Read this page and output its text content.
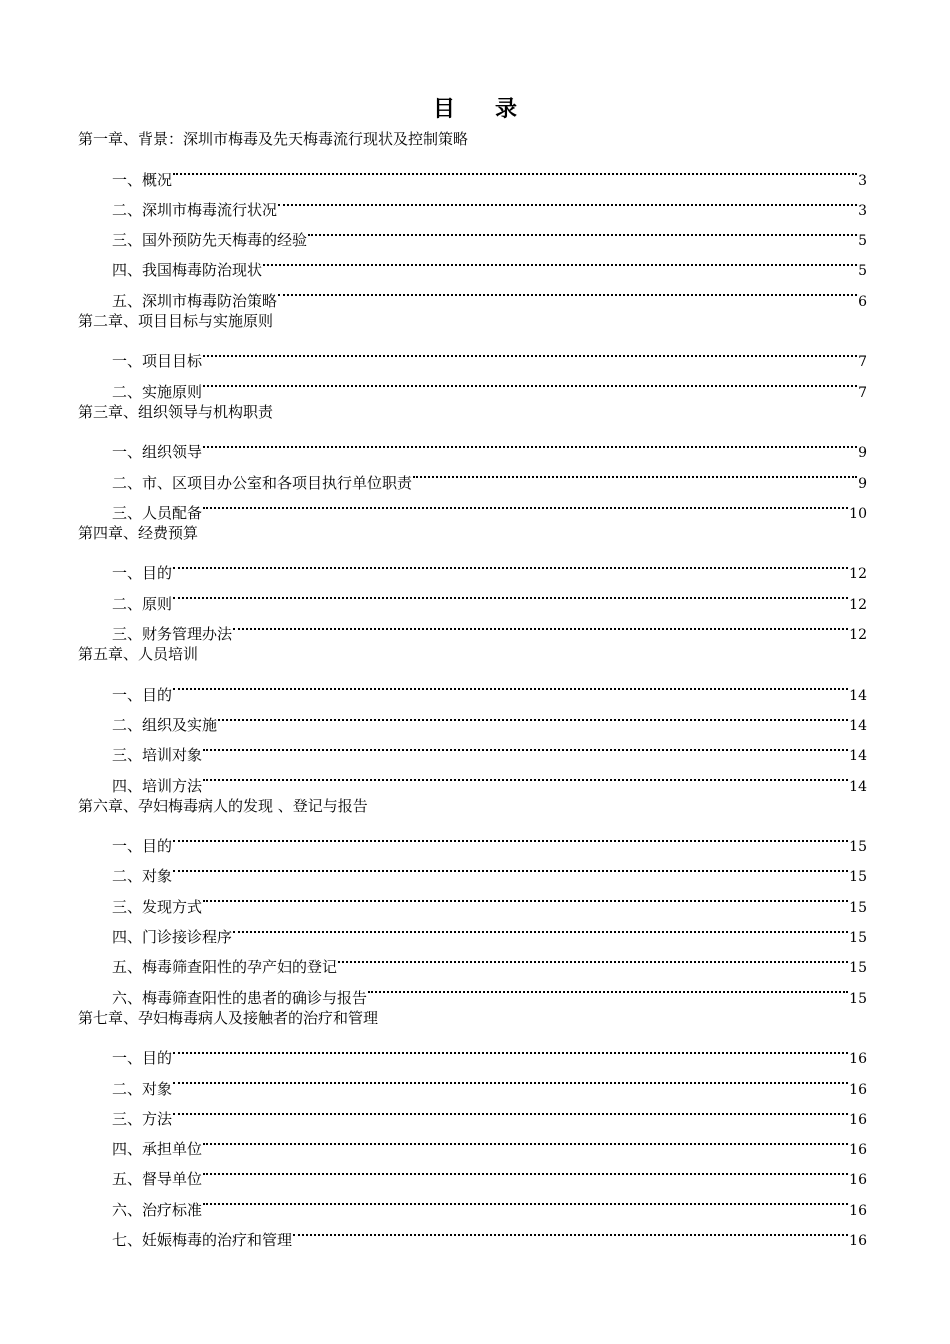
目 录
第一章、背景：深圳市梅毒及先天梅毒流行现状及控制策略
一、概况	3
二、深圳市梅毒流行状况	3
三、国外预防先天梅毒的经验	5
四、我国梅毒防治现状	5
五、深圳市梅毒防治策略	6
第二章、项目目标与实施原则
一、项目目标	7
二、实施原则	7
第三章、组织领导与机构职责
一、组织领导	9
二、市、区项目办公室和各项目执行单位职责	9
三、人员配备	10
第四章、经费预算
一、目的	12
二、原则	12
三、财务管理办法	12
第五章、人员培训
一、目的	14
二、组织及实施	14
三、培训对象	14
四、培训方法	14
第六章、孕妇梅毒病人的发现 、登记与报告
一、目的	15
二、对象	15
三、发现方式	15
四、门诊接诊程序	15
五、梅毒筛查阳性的孕产妇的登记	15
六、梅毒筛查阳性的患者的确诊与报告	15
第七章、孕妇梅毒病人及接触者的治疗和管理
一、目的	16
二、对象	16
三、方法	16
四、承担单位	16
五、督导单位	16
六、治疗标准	16
七、妊娠梅毒的治疗和管理	16
